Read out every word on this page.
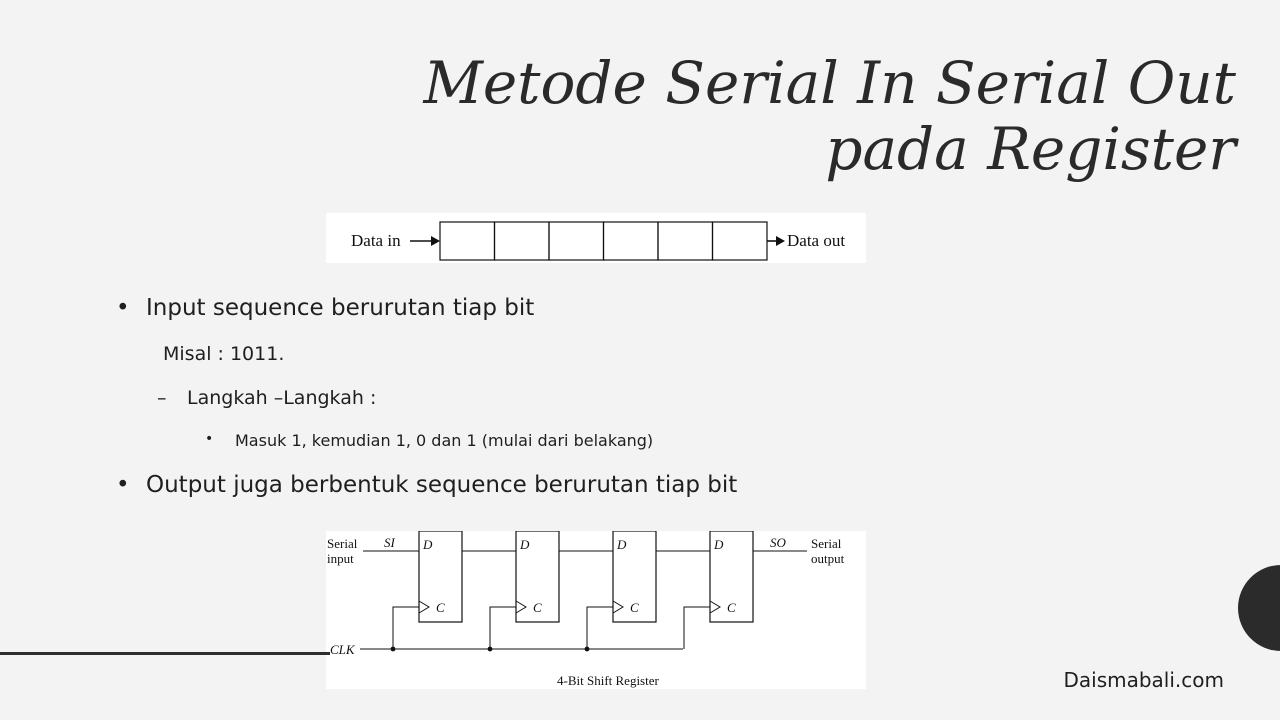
Metode Serial In Serial Out pada Register
Data in	Data out
• Input sequence berurutan tiap bit
Misal : 1011.
– Langkah –Langkah :
• Masuk 1, kemudian 1, 0 dan 1 (mulai dari belakang)
• Output juga berbentuk sequence berurutan tiap bit
Serial input
SI D
C
D
C
D
C
D
C
SO Serial output
CLK
4-Bit Shift Register	Daismabali.com
